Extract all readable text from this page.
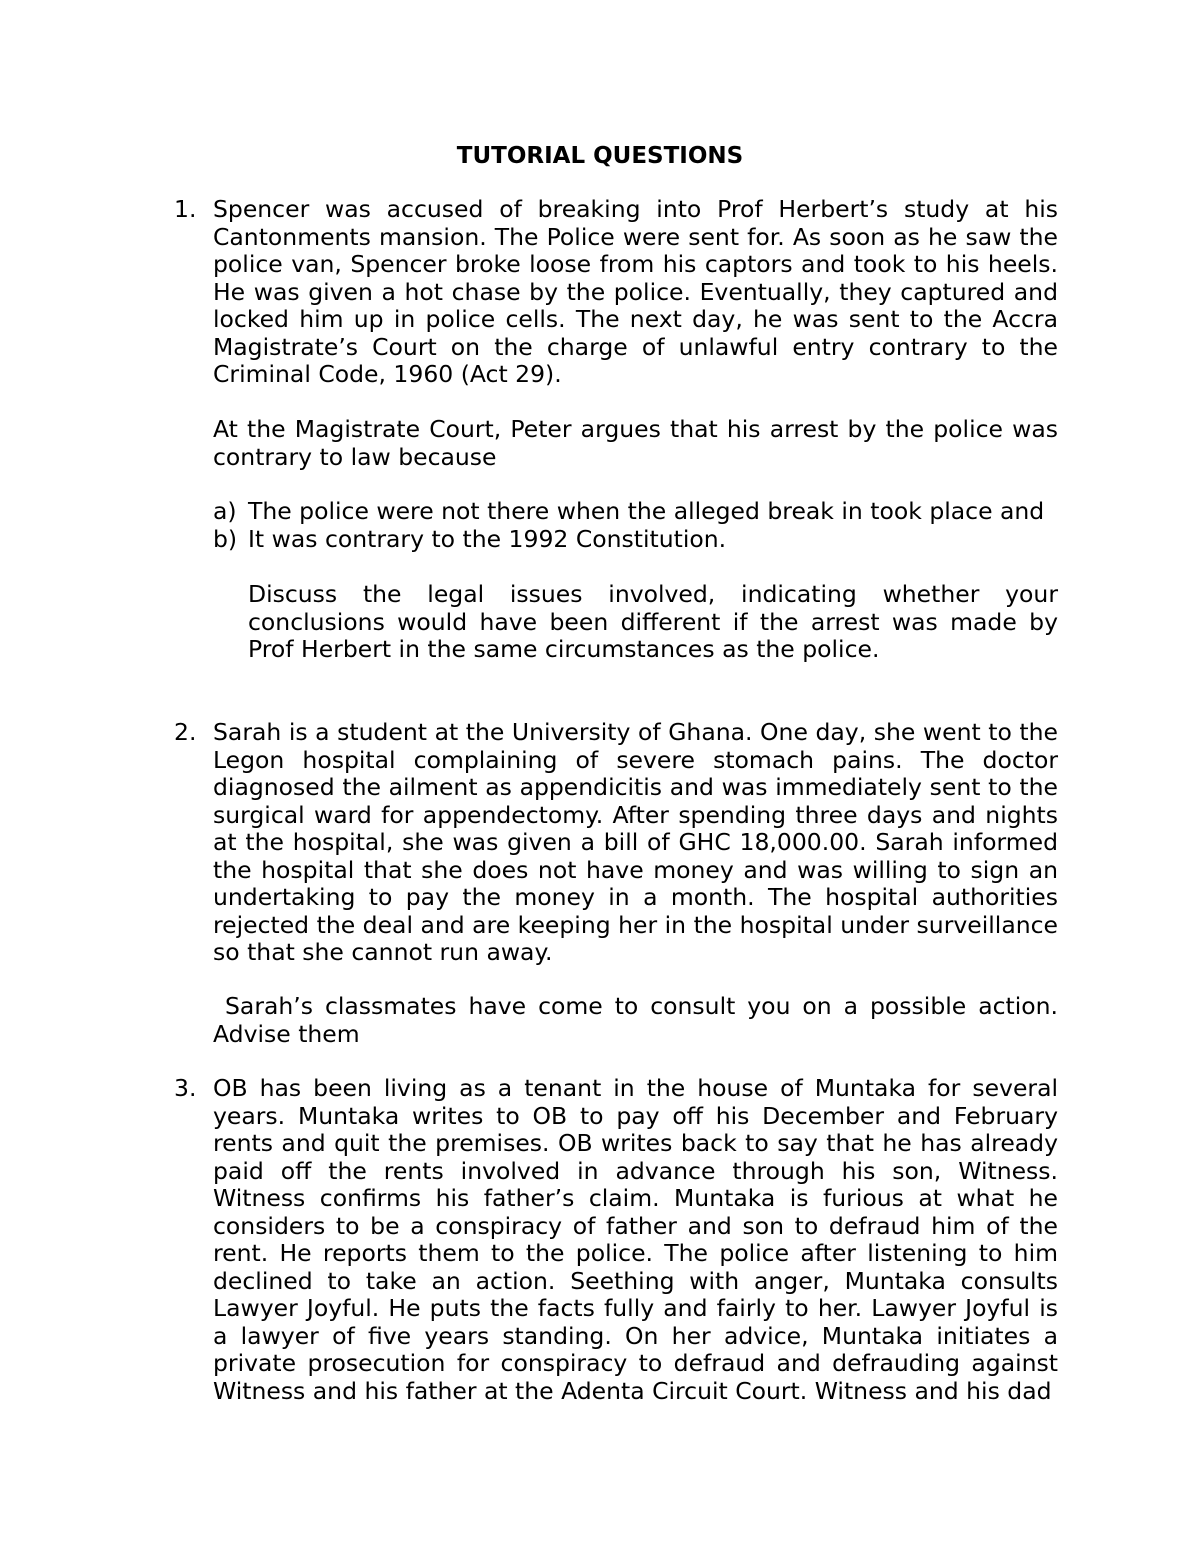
TUTORIAL QUESTIONS
1. Spencer was accused of breaking into Prof Herbert’s study at his Cantonments mansion. The Police were sent for. As soon as he saw the police van, Spencer broke loose from his captors and took to his heels. He was given a hot chase by the police. Eventually, they captured and locked him up in police cells. The next day, he was sent to the Accra Magistrate’s Court on the charge of unlawful entry contrary to the Criminal Code, 1960 (Act 29).
At the Magistrate Court, Peter argues that his arrest by the police was contrary to law because
a) The police were not there when the alleged break in took place and
b) It was contrary to the 1992 Constitution.
Discuss the legal issues involved, indicating whether your conclusions would have been different if the arrest was made by Prof Herbert in the same circumstances as the police.
2. Sarah is a student at the University of Ghana. One day, she went to the Legon hospital complaining of severe stomach pains. The doctor diagnosed the ailment as appendicitis and was immediately sent to the surgical ward for appendectomy. After spending three days and nights at the hospital, she was given a bill of GHC 18,000.00. Sarah informed the hospital that she does not have money and was willing to sign an undertaking to pay the money in a month. The hospital authorities rejected the deal and are keeping her in the hospital under surveillance so that she cannot run away.
Sarah’s classmates have come to consult you on a possible action. Advise them
3. OB has been living as a tenant in the house of Muntaka for several years. Muntaka writes to OB to pay off his December and February rents and quit the premises. OB writes back to say that he has already paid off the rents involved in advance through his son, Witness. Witness confirms his father’s claim. Muntaka is furious at what he considers to be a conspiracy of father and son to defraud him of the rent. He reports them to the police. The police after listening to him declined to take an action. Seething with anger, Muntaka consults Lawyer Joyful. He puts the facts fully and fairly to her. Lawyer Joyful is a lawyer of five years standing. On her advice, Muntaka initiates a private prosecution for conspiracy to defraud and defrauding against Witness and his father at the Adenta Circuit Court. Witness and his dad
